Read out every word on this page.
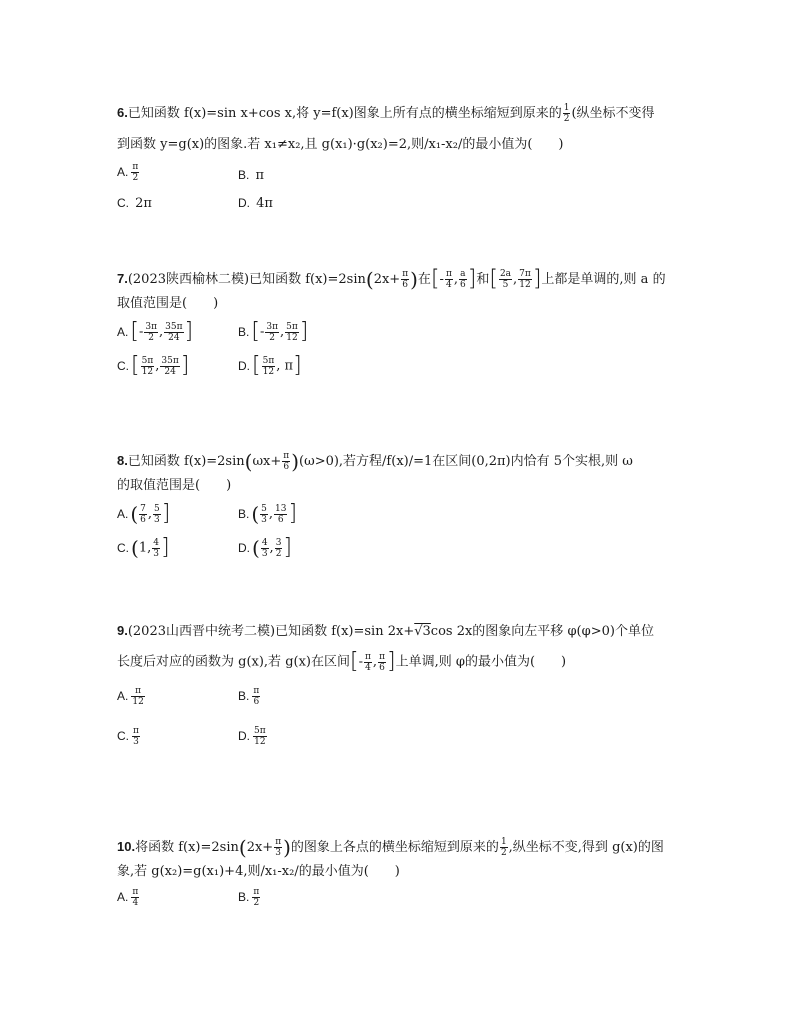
6.已知函数 f(x)=sin x+cos x,将 y=f(x)图象上所有点的横坐标缩短到原来的 $\frac{1}{2}$ (纵坐标不变得
到函数 y=g(x)的图象.若 x₁≠x₂,且 g(x₁)·g(x₂)=2,则/x₁-x₂/的最小值为(　　)
A. $\frac{\pi}{2}$	B. π
C. 2π	D. 4π
7.(2023陕西榆林二模)已知函数 $f(x)=2\sin(2x+ \frac{\pi}{6}$ )在[- $\frac{\pi}{4}$ , $\frac{a}{6}$ ]和[ $\frac{2a}{5}$ , $\frac{7\pi}{12}$ ]上都是单调的,则 a 的
取值范围是(　　)
$A.[- \frac{3\pi}{2}$ , $\frac{35\pi}{24}$ ]	$B.[- \frac{3\pi}{2}$ , $\frac{5\pi}{12}$ ]
$C.[ \frac{5\pi}{12}$ , $\frac{35\pi}{24}$ ]	$D.[ \frac{5\pi}{12}$ , π]
8.已知函数 $f(x)=2\sin(\omega x+ \frac{\pi}{6} )(\omega>0)$,若方程/f(x)/=1在区间(0,2π)内恰有 5个实根,则 ω
的取值范围是(　　)
A. ( $\frac{7}{6}$ , $\frac{5}{3}$ ]	B. ( $\frac{5}{3}$ , $\frac{13}{6}$ ]
C. (1, $\frac{4}{3}$ ]	D. ( $\frac{4}{3}$ , $\frac{3}{2}$ ]
9.(2023山西晋中统考二模)已知函数 f(x)=sin 2x+√3cos 2x的图象向左平移 φ(φ>0)个单位
长度后对应的函数为 g(x),若 g(x)在区间[- $\frac{\pi}{4}$ , $\frac{\pi}{6}$ ]上单调,则 φ的最小值为(　　)
A. $\frac{\pi}{12}$	B. $\frac{\pi}{6}$
C. $\frac{\pi}{3}$	D. $\frac{5\pi}{12}$
10.将函数 $f(x)=2\sin(2x+ \frac{\pi}{3}$ )的图象上各点的横坐标缩短到原来的 $\frac{1}{2}$ ,纵坐标不变,得到 g(x)的图
象,若 g(x₂)=g(x₁)+4,则/x₁-x₂/的最小值为(　　)
A. $\frac{\pi}{4}$	B. $\frac{\pi}{2}$
